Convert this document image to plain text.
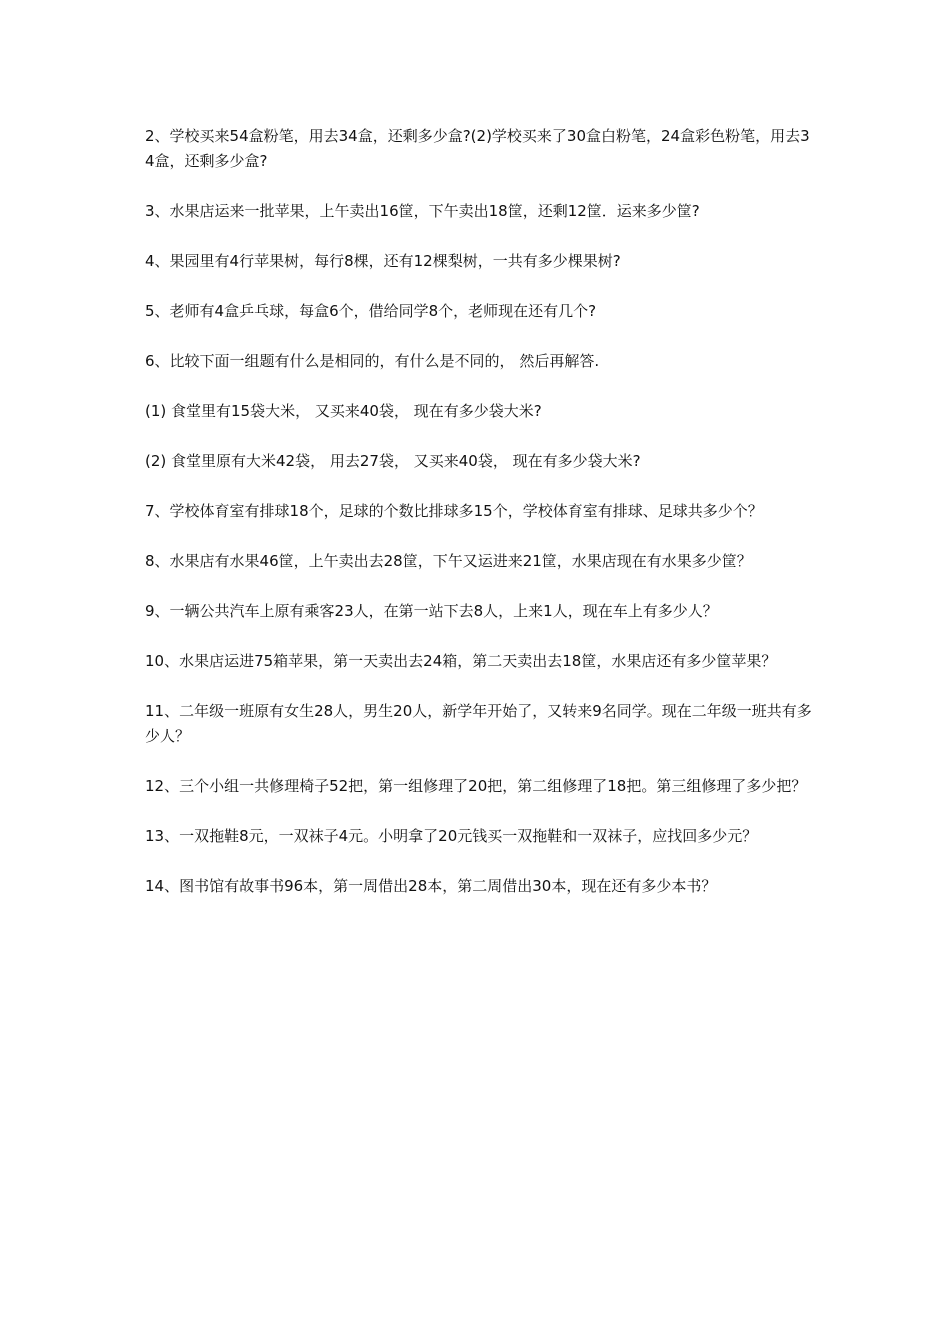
2、学校买来54盒粉笔，用去34盒，还剩多少盒?(2)学校买来了30盒白粉笔，24盒彩色粉笔，用去34盒，还剩多少盒?

3、水果店运来一批苹果，上午卖出16筐，下午卖出18筐，还剩12筐．运来多少筐?

4、果园里有4行苹果树，每行8棵，还有12棵梨树，一共有多少棵果树?

5、老师有4盒乒乓球，每盒6个，借给同学8个，老师现在还有几个?

6、比较下面一组题有什么是相同的，有什么是不同的， 然后再解答.

(1) 食堂里有15袋大米， 又买来40袋， 现在有多少袋大米?

(2) 食堂里原有大米42袋， 用去27袋， 又买来40袋， 现在有多少袋大米?

7、学校体育室有排球18个，足球的个数比排球多15个，学校体育室有排球、足球共多少个？

8、水果店有水果46筐，上午卖出去28筐，下午又运进来21筐，水果店现在有水果多少筐？

9、一辆公共汽车上原有乘客23人，在第一站下去8人，上来1人，现在车上有多少人？

10、水果店运进75箱苹果，第一天卖出去24箱，第二天卖出去18筐，水果店还有多少筐苹果？

11、二年级一班原有女生28人，男生20人，新学年开始了，又转来9名同学。现在二年级一班共有多少人？

12、三个小组一共修理椅子52把，第一组修理了20把，第二组修理了18把。第三组修理了多少把？

13、一双拖鞋8元，一双袜子4元。小明拿了20元钱买一双拖鞋和一双袜子，应找回多少元？

14、图书馆有故事书96本，第一周借出28本，第二周借出30本，现在还有多少本书？
